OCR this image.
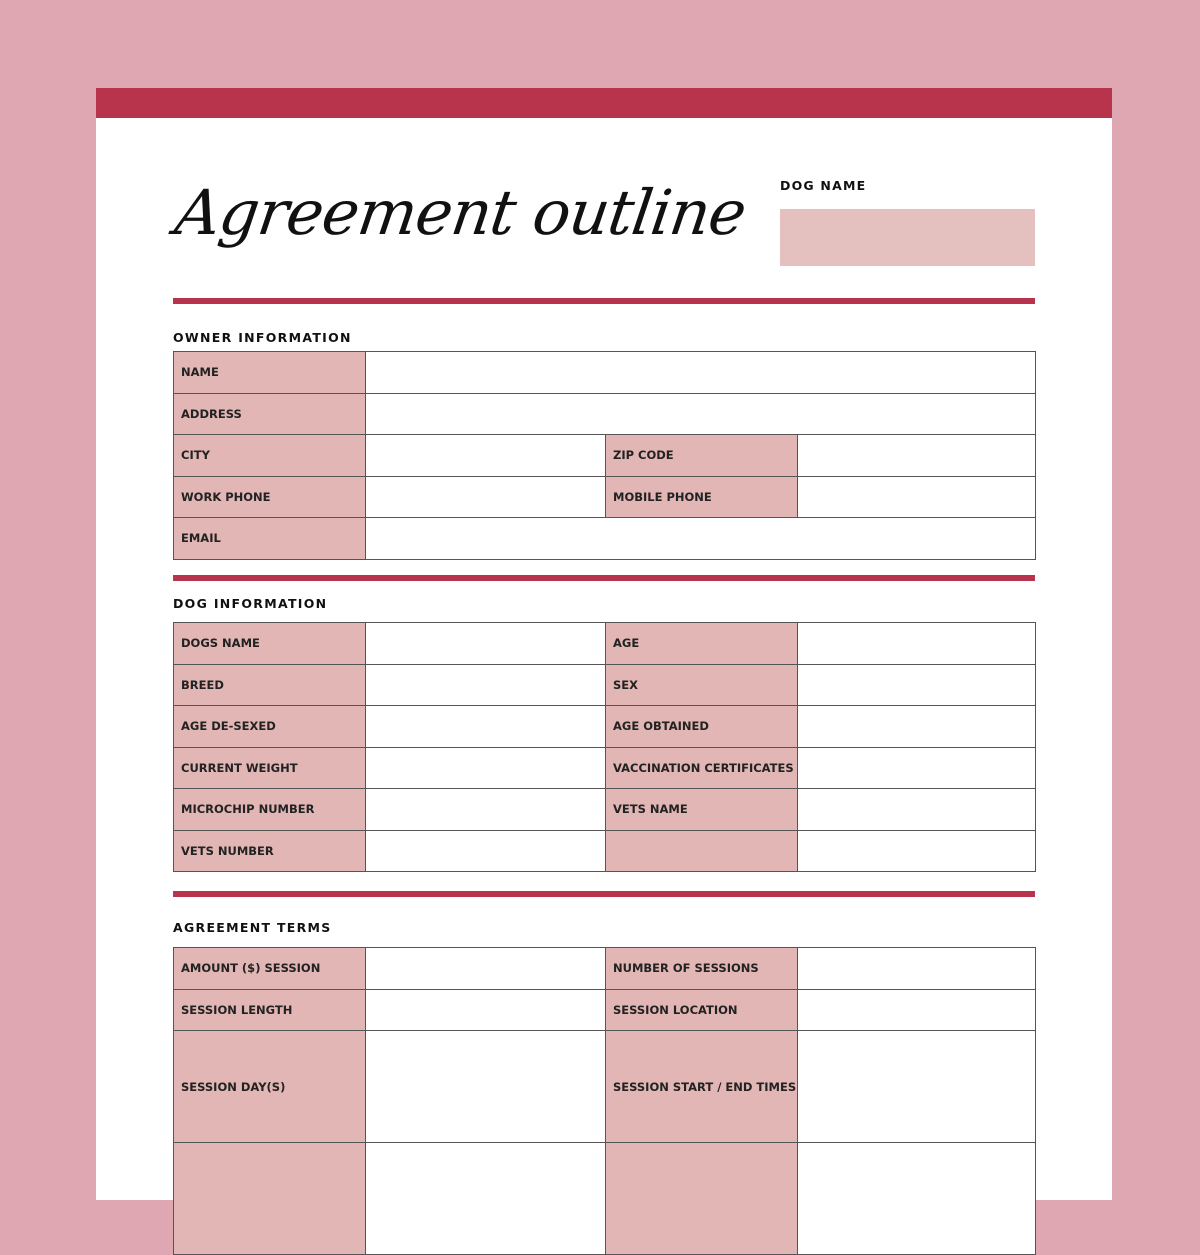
Agreement outline DOG NAME
OWNER INFORMATION
NAME			
ADDRESS			
CITY		ZIP CODE	
WORK PHONE		MOBILE PHONE	
EMAIL			
DOG INFORMATION
DOGS NAME		AGE	
BREED		SEX	
AGE DE-SEXED		AGE OBTAINED	
CURRENT WEIGHT		VACCINATION CERTIFICATES	
MICROCHIP NUMBER		VETS NAME	
VETS NUMBER			
AGREEMENT TERMS
AMOUNT ($) SESSION		NUMBER OF SESSIONS	
SESSION LENGTH		SESSION LOCATION	
SESSION DAY(S)		SESSION START / END TIMES	
